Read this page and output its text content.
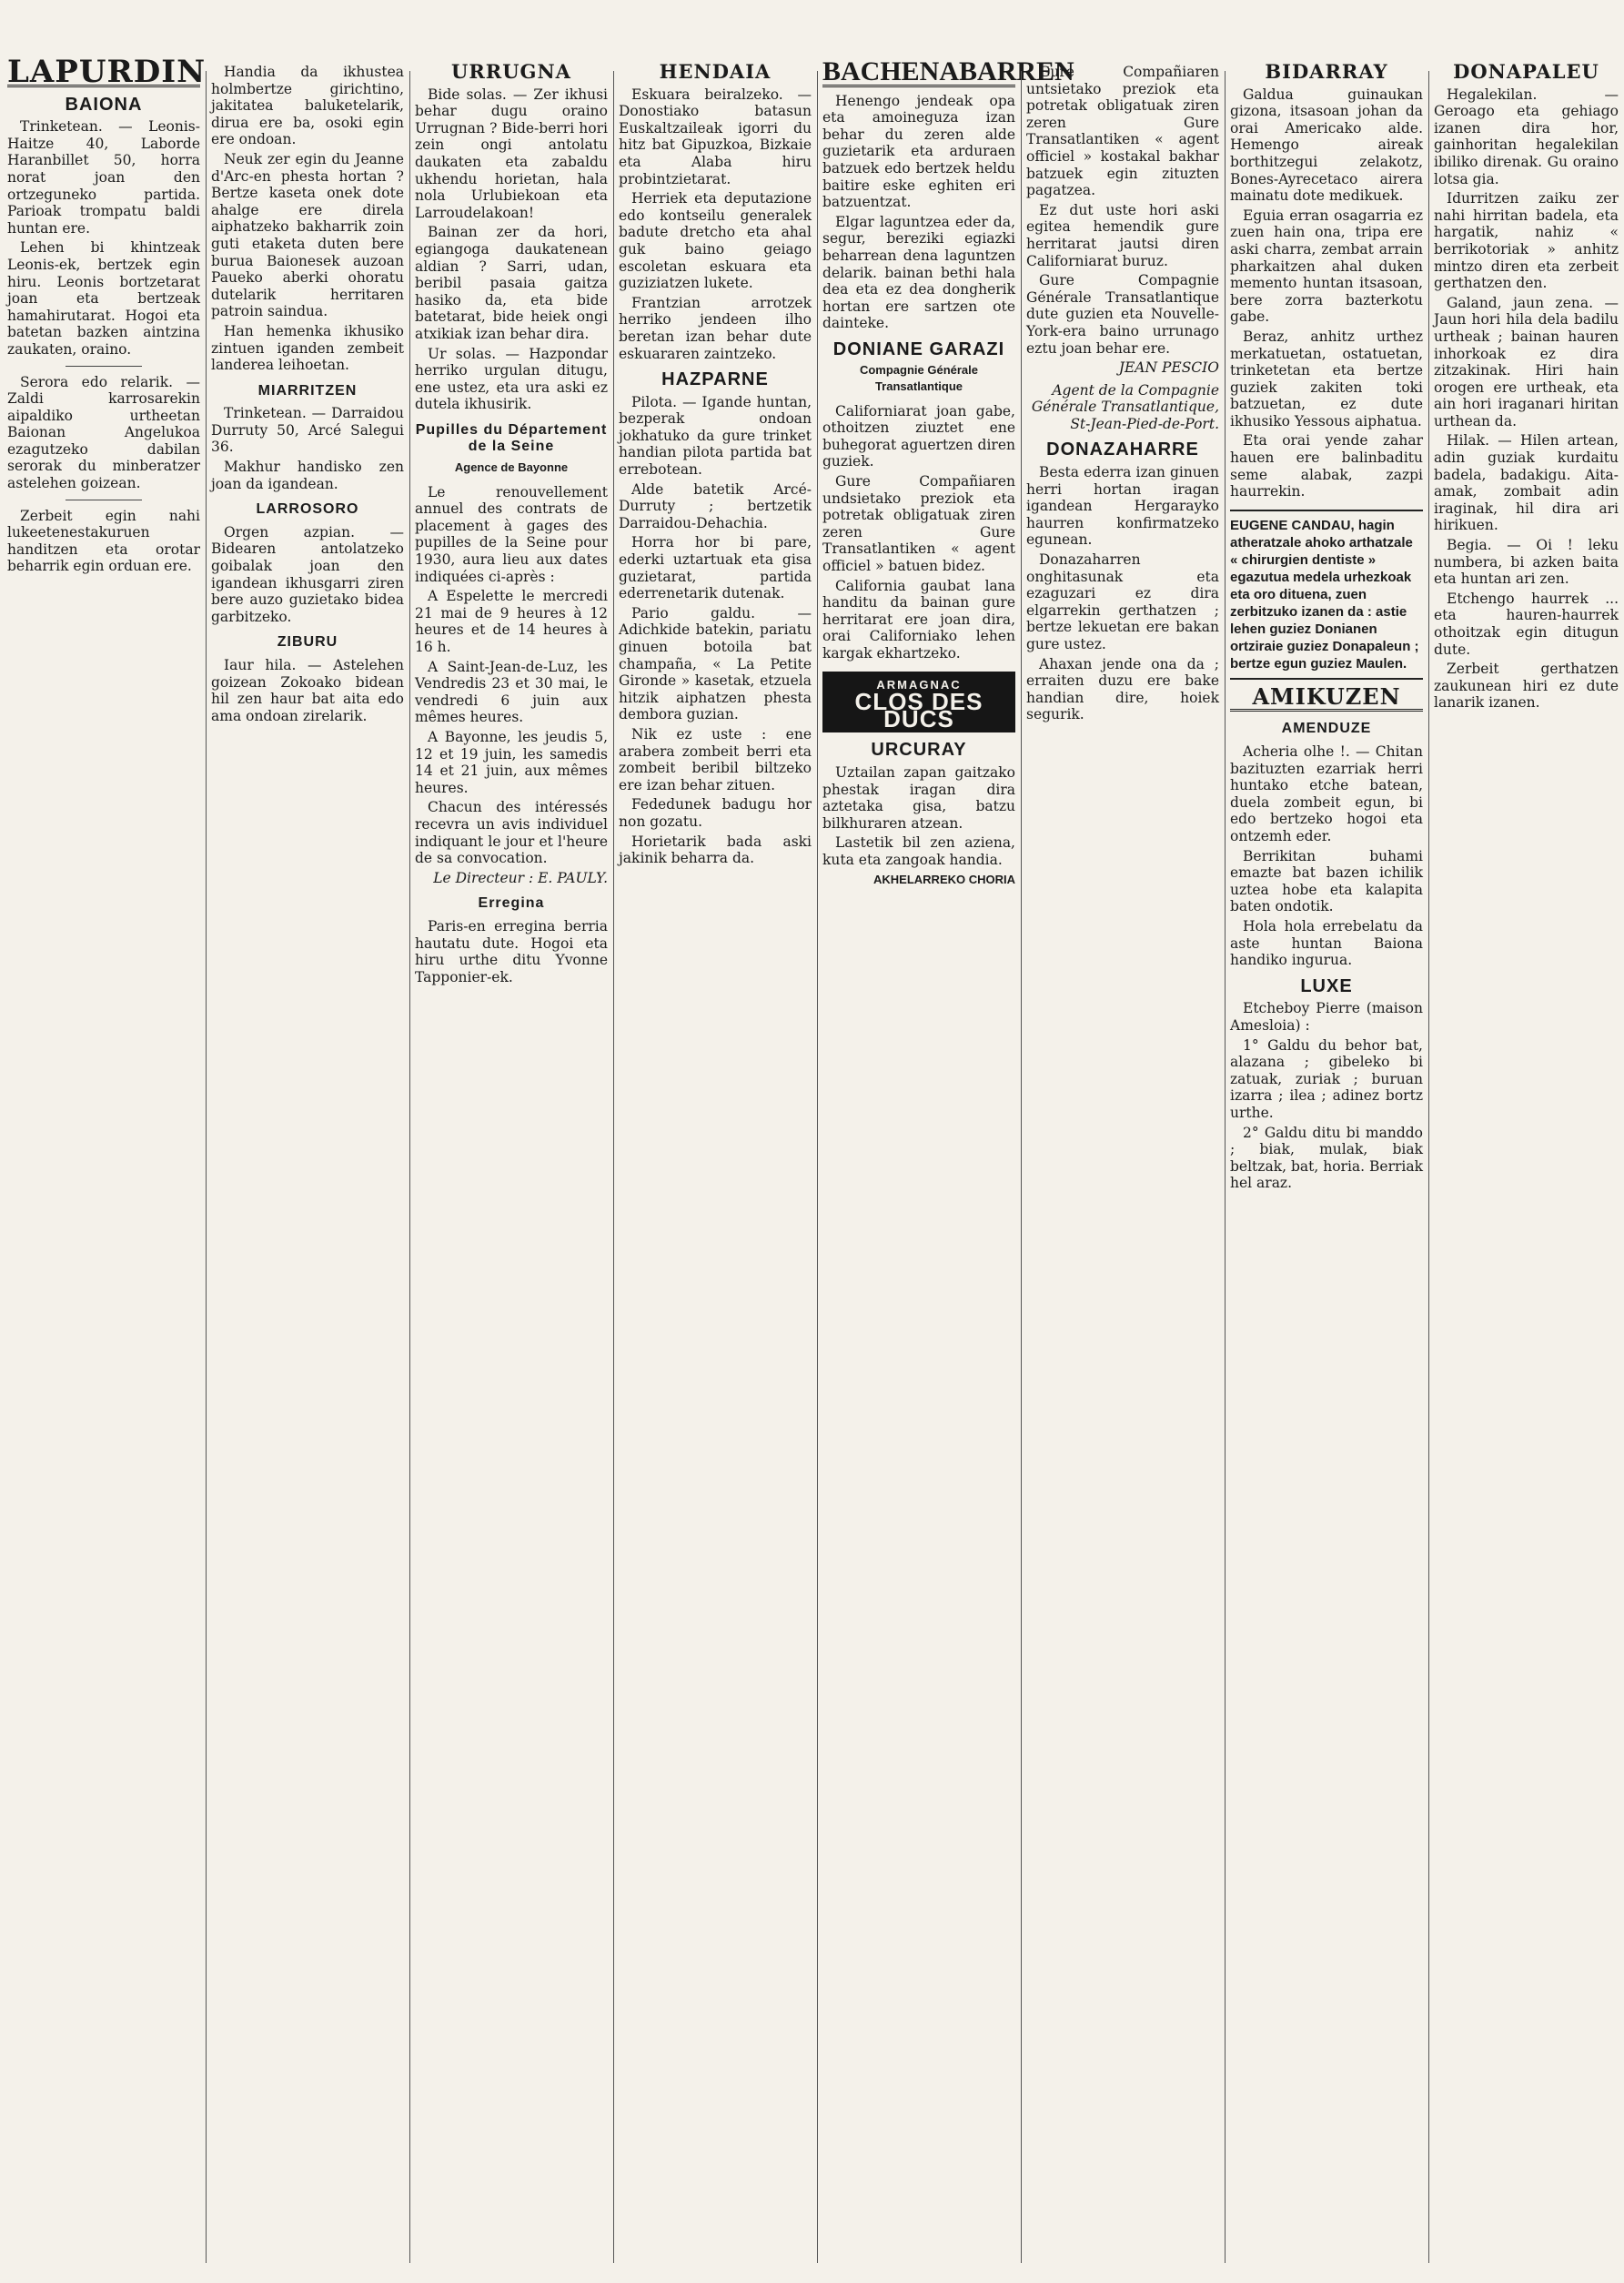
LAPURDIN
BAIONA

Trinketean. — Leonis-Haitze 40, Laborde Haranbillet 50, horra norat joan den ortzeguneko partida. Parioak trompatu baldi huntan ere.

Lehen bi khintzeak Leonis-ek, bertzek egin hiru. Leonis bortzetarat joan eta bertzeak hamahirutarat. Hogoi eta batetan bazken aintzina zaukaten, oraino.

Serora edo relarik. — Zaldi karrosarekin aipaldiko urtheetan Baionan Angelukoa ezagutzeko dabilan serorak du minberatzer astelehen goizean.

Zerbeit egin nahi lukeetenestakuruen handitzen eta orotar beharrik egin orduan ere.

Handia da ikhustea holmbertze girichtino, jakitatea baluketelarik, dirua ere ba, osoki egin ere ondoan.

Neuk zer egin du Jeanne d'Arc-en phesta hortan ? Bertze kaseta onek dote ahalge ere direla aiphatzeko bakharrik zoin guti etaketa duten bere burua Baionesek auzoan Paueko aberki ohoratu dutelarik herritaren patroin saindua.

Han hemenka ikhusiko zintuen iganden zembeit landerea leihoetan.

MIARRITZEN

Trinketean. — Darraidou Durruty 50, Arcé Salegui 36.

Makhur handisko zen joan da igandean.

LARROSORO

Orgen azpian. — Bidearen antolatzeko goibalak joan den igandean ikhusgarri ziren bere auzo guzietako bidea garbitzeko.

ZIBURU

Iaur hila. — Astelehen goizean Zokoako bidean hil zen haur bat aita edo ama ondoan zirelarik.

URRUGNA

Bide solas. — Zer ikhusi behar dugu oraino Urrugnan ? Bide-berri hori zein ongi antolatu daukaten eta zabaldu ukhendu horietan, hala nola Urlubiekoan eta Larroudelakoan!

Bainan zer da hori, egiangoga daukatenean aldian ? Sarri, udan, beribil pasaia gaitza hasiko da, eta bide batetarat, bide heiek ongi atxikiak izan behar dira.

Ur solas. — Hazpondar herriko urgulan ditugu, ene ustez, eta ura aski ez dutela ikhusirik.

Pupilles du Département de la Seine
Agence de Bayonne

Le renouvellement annuel des contrats de placement à gages des pupilles de la Seine pour 1930, aura lieu aux dates indiquées ci-après :

A Espelette le mercredi 21 mai de 9 heures à 12 heures et de 14 heures à 16 h.

A Saint-Jean-de-Luz, les Vendredis 23 et 30 mai, le vendredi 6 juin aux mêmes heures.

A Bayonne, les jeudis 5, 12 et 19 juin, les samedis 14 et 21 juin, aux mêmes heures.

Chacun des intéressés recevra un avis individuel indiquant le jour et l'heure de sa convocation.

Le Directeur : E. PAULY.
Erregina

Paris-en erregina berria hautatu dute. Hogoi eta hiru urthe ditu Yvonne Tapponier-ek.

HENDAIA

Eskuara beiralzeko. — Donostiako batasun Euskaltzaileak igorri du hitz bat Gipuzkoa, Bizkaie eta Alaba hiru probintzietarat.

Herriek eta deputazione edo kontseilu generalek badute dretcho eta ahal guk baino geiago escoletan eskuara eta guziziatzen lukete.

Frantzian arrotzek herriko jendeen ilho beretan izan behar dute eskuararen zaintzeko.

HAZPARNE

Pilota. — Igande huntan, bezperak ondoan jokhatuko da gure trinket handian pilota partida bat errebotean.

Alde batetik Arcé-Durruty ; bertzetik Darraidou-Dehachia.

Horra hor bi pare, ederki uztartuak eta gisa guzietarat, partida ederrenetarik dutenak.

Pario galdu. — Adichkide batekin, pariatu ginuen botoila bat champaña, « La Petite Gironde » kasetak, etzuela hitzik aiphatzen phesta dembora guzian.

Nik ez uste : ene arabera zombeit berri eta zombeit beribil biltzeko ere izan behar zituen.

Fededunek badugu hor non gozatu.

Horietarik bada aski jakinik beharra da.

BACHENABARREN

Henengo jendeak opa eta amoineguza izan behar du zeren alde guzietarik eta arduraen batzuek edo bertzek heldu baitire eske eghiten eri batzuentzat.

Elgar laguntzea eder da, segur, bereziki egiazki beharrean dena laguntzen delarik. bainan bethi hala dea eta ez dea dongherik hortan ere sartzen ote dainteke.

DONIANE GARAZI
Compagnie Générale Transatlantique

Californiarat joan gabe, othoitzen ziuztet ene buhegorat aguertzen diren guziek.

Gure Compañiaren undsietako preziok eta potretak obligatuak ziren zeren Gure Transatlantiken « agent officiel » batuen bidez.

California gaubat lana handitu da bainan gure herritarat ere joan dira, orai Californiako lehen kargak ekhartzeko.

ARMAGNAC
CLOS DES DUCS
URCURAY

Uztailan zapan gaitzako phestak iragan dira aztetaka gisa, batzu bilkhuraren atzean.

Lastetik bil zen aziena, kuta eta zangoak handia.

AKHELARREKO CHORIA

Gure Compañiaren untsietako preziok eta potretak obligatuak ziren zeren Gure Transatlantiken « agent officiel » kostakal bakhar batzuek egin zituzten pagatzea.

Ez dut uste hori aski egitea hemendik gure herritarat jautsi diren Californiarat buruz.

Gure Compagnie Générale Transatlantique dute guzien eta Nouvelle-York-era baino urrunago eztu joan behar ere.

JEAN PESCIO
Agent de la Compagnie Générale Transatlantique, St-Jean-Pied-de-Port.
DONAZAHARRE

Besta ederra izan ginuen herri hortan iragan igandean Hergarayko haurren konfirmatzeko egunean.

Donazaharren onghitasunak eta ezaguzari ez dira elgarrekin gerthatzen ; bertze lekuetan ere bakan gure ustez.

Ahaxan jende ona da ; erraiten duzu ere bake handian dire, hoiek segurik.

BIDARRAY

Galdua guinaukan gizona, itsasoan johan da orai Americako alde. Hemengo aireak borthitzegui zelakotz, Bones-Ayrecetaco airera mainatu dote medikuek.

Eguia erran osagarria ez zuen hain ona, tripa ere aski charra, zembat arrain pharkaitzen ahal duken memento huntan itsasoan, bere zorra bazterkotu gabe.

Beraz, anhitz urthez merkatuetan, ostatuetan, trinketetan eta bertze guziek zakiten toki batzuetan, ez dute ikhusiko Yessous aiphatua.

Eta orai yende zahar hauen ere balinbaditu seme alabak, zazpi haurrekin.

EUGENE CANDAU, hagin atheratzale ahoko arthatzale « chirurgien dentiste » egazutua medela urhezkoak eta oro dituena, zuen zerbitzuko izanen da : astie lehen guziez Donianen ortziraie guziez Donapaleun ; bertze egun guziez Maulen.
AMIKUZEN
AMENDUZE

Acheria olhe !. — Chitan bazituzten ezarriak herri huntako etche batean, duela zombeit egun, bi edo bertzeko hogoi eta ontzemh eder.

Berrikitan buhami emazte bat bazen ichilik uztea hobe eta kalapita baten ondotik.

Hola hola errebelatu da aste huntan Baiona handiko ingurua.

LUXE

Etcheboy Pierre (maison Amesloia) :

1° Galdu du behor bat, alazana ; gibeleko bi zatuak, zuriak ; buruan izarra ; ilea ; adinez bortz urthe.

2° Galdu ditu bi manddo ; biak, mulak, biak beltzak, bat, horia. Berriak hel araz.

DONAPALEU

Hegalekilan. — Geroago eta gehiago izanen dira hor, gainhoritan hegalekilan ibiliko direnak. Gu oraino lotsa gia.

Idurritzen zaiku zer nahi hirritan badela, eta hargatik, nahiz « berrikotoriak » anhitz mintzo diren eta zerbeit gerthatzen den.

Galand, jaun zena. — Jaun hori hila dela badilu urtheak ; bainan hauren inhorkoak ez dira zitzakinak. Hiri hain orogen ere urtheak, eta ain hori iraganari hiritan urthean da.

Hilak. — Hilen artean, adin guziak kurdaitu badela, badakigu. Aita-amak, zombait adin iraginak, hil dira ari hirikuen.

Begia. — Oi ! leku numbera, bi azken baita eta huntan ari zen.

Etchengo haurrek ... eta hauren-haurrek othoitzak egin ditugun dute.

Zerbeit gerthatzen zaukunean hiri ez dute lanarik izanen.
